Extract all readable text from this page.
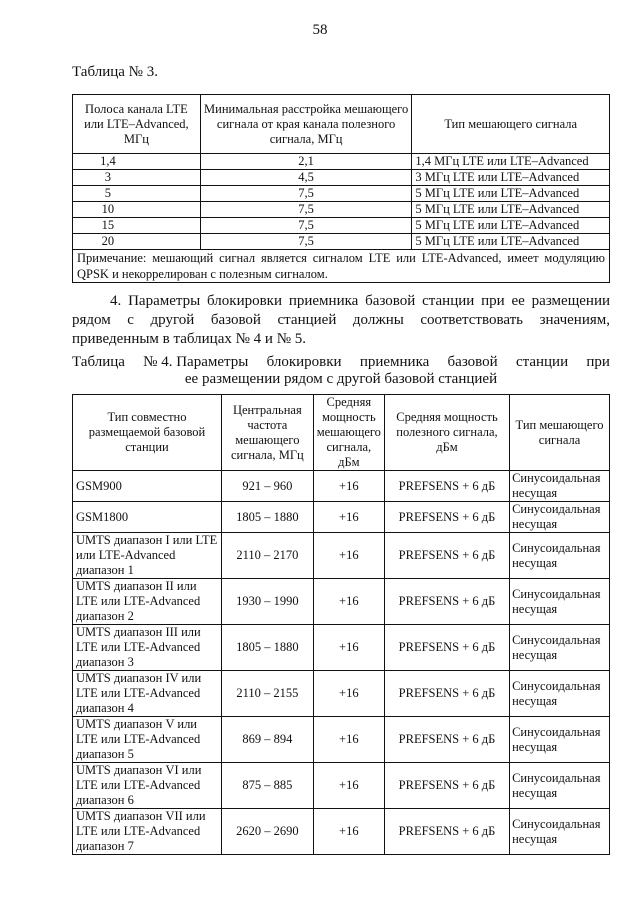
58
Таблица № 3.
Полоса канала LTE или LTE–Advanced, МГц	Минимальная расстройка мешающего сигнала от края канала полезного сигнала, МГц	Тип мешающего сигнала
1,4	2,1	1,4 МГц LTE или LTE–Advanced
3	4,5	3 МГц LTE или LTE–Advanced
5	7,5	5 МГц LTE или LTE–Advanced
10	7,5	5 МГц LTE или LTE–Advanced
15	7,5	5 МГц LTE или LTE–Advanced
20	7,5	5 МГц LTE или LTE–Advanced
Примечание: мешающий сигнал является сигналом LTE или LTE-Advanced, имеет модуляцию QPSK и некоррелирован с полезным сигналом.		
4. Параметры блокировки приемника базовой станции при ее размещении рядом с другой базовой станцией должны соответствовать значениям, приведенным в таблицах № 4 и № 5.
Таблица № 4. Параметры блокировки приемника базовой станции при
ее размещении рядом с другой базовой станцией
Тип совместно размещаемой базовой станции	Центральная частота мешающего сигнала, МГц	Средняя мощность мешающего сигнала, дБм	Средняя мощность полезного сигнала, дБм	Тип мешающего сигнала
GSM900	921 – 960	+16	PREFSENS + 6 дБ	Синусоидальная несущая
GSM1800	1805 – 1880	+16	PREFSENS + 6 дБ	Синусоидальная несущая
UMTS диапазон I или LTE или LTE-Advanced диапазон 1	2110 – 2170	+16	PREFSENS + 6 дБ	Синусоидальная несущая
UMTS диапазон II или LTE или LTE-Advanced диапазон 2	1930 – 1990	+16	PREFSENS + 6 дБ	Синусоидальная несущая
UMTS диапазон III или LTE или LTE-Advanced диапазон 3	1805 – 1880	+16	PREFSENS + 6 дБ	Синусоидальная несущая
UMTS диапазон IV или LTE или LTE-Advanced диапазон 4	2110 – 2155	+16	PREFSENS + 6 дБ	Синусоидальная несущая
UMTS диапазон V или LTE или LTE-Advanced диапазон 5	869 – 894	+16	PREFSENS + 6 дБ	Синусоидальная несущая
UMTS диапазон VI или LTE или LTE-Advanced диапазон 6	875 – 885	+16	PREFSENS + 6 дБ	Синусоидальная несущая
UMTS диапазон VII или LTE или LTE-Advanced диапазон 7	2620 – 2690	+16	PREFSENS + 6 дБ	Синусоидальная несущая
